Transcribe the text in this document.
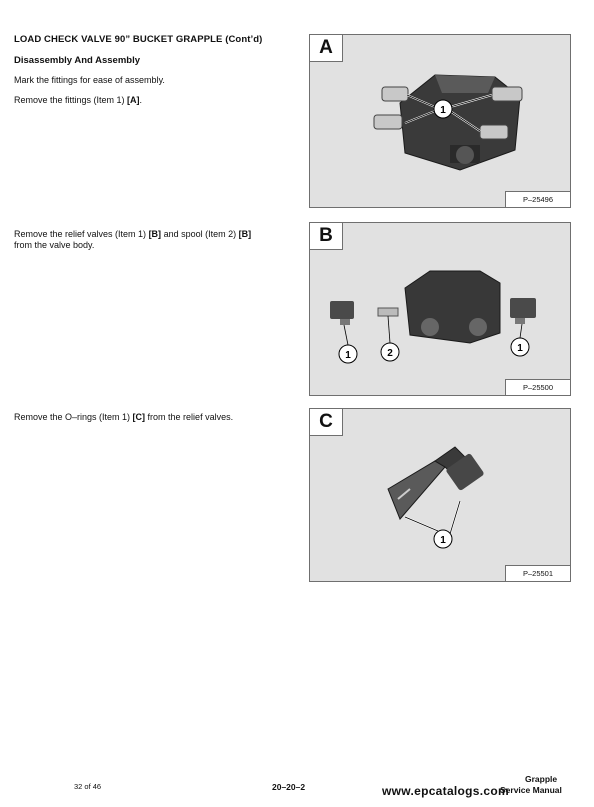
LOAD CHECK VALVE 90” BUCKET GRAPPLE (Cont’d)
Disassembly And Assembly
Mark the fittings for ease of assembly.
Remove the fittings (Item 1) [A].
Remove the relief valves (Item 1) [B] and spool (Item 2) [B]
from the valve body.
Remove the O–rings (Item 1) [C] from the relief valves.
1
A
P–25496
1	2	1
B
P–25500
1
C
P–25501
32 of 46	20–20–2
Grapple
Service Manual
www.epcatalogs.com
